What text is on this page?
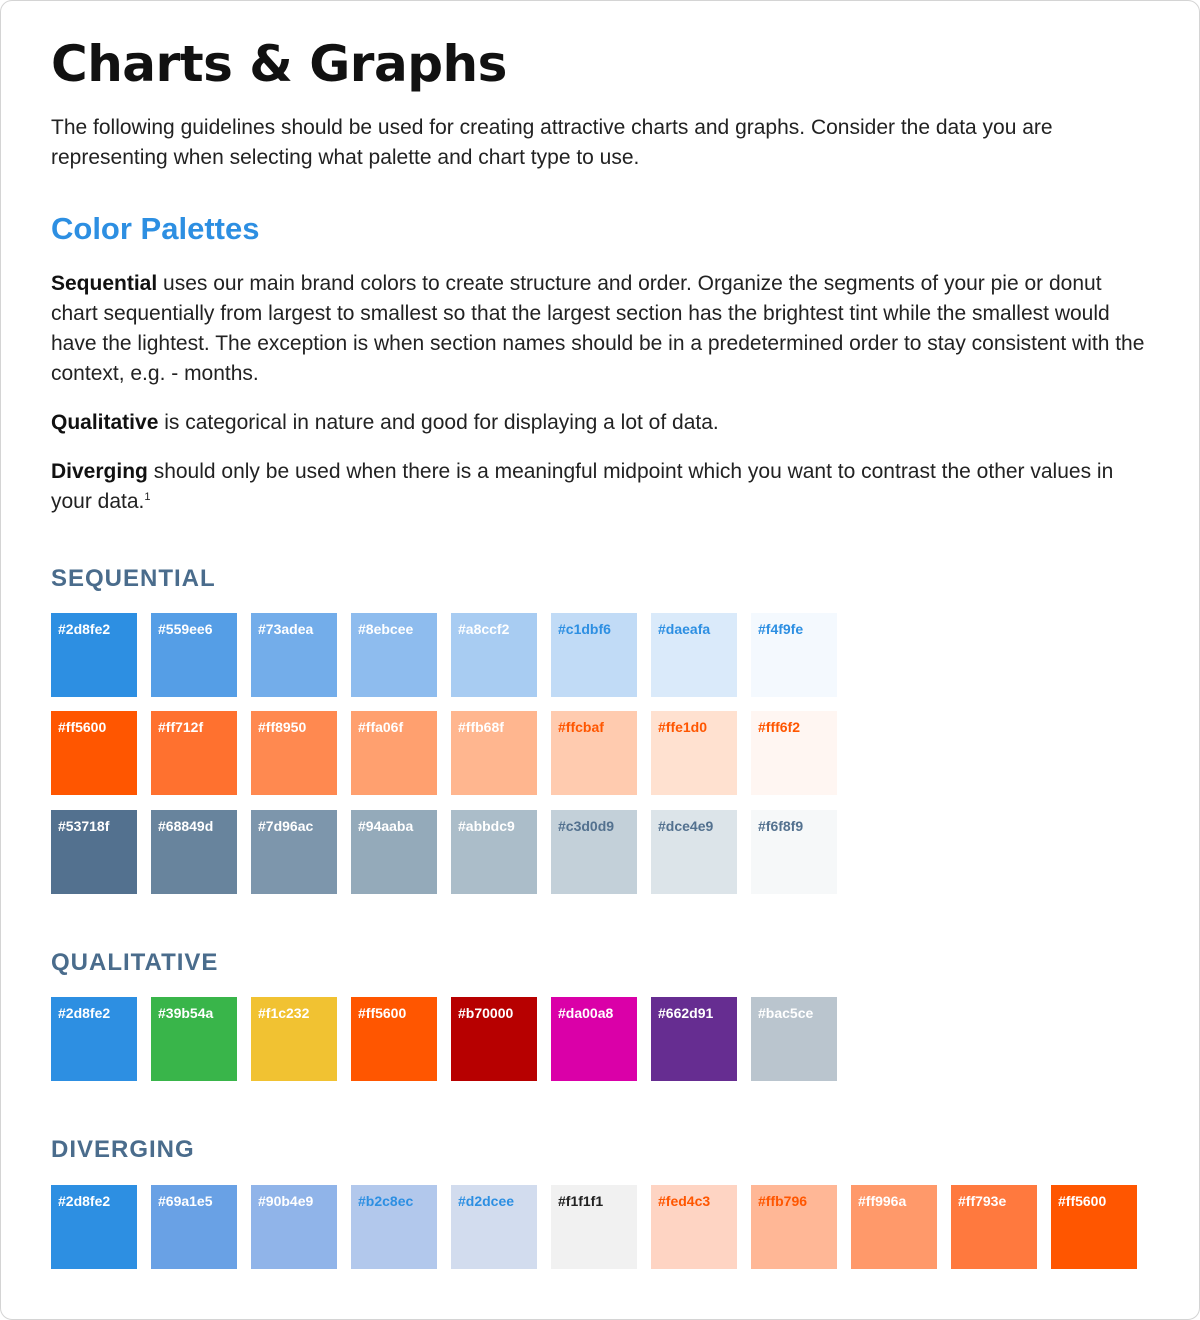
Charts & Graphs

The following guidelines should be used for creating attractive charts and graphs. Consider the data you are representing when selecting what palette and chart type to use.

Color Palettes

Sequential uses our main brand colors to create structure and order. Organize the segments of your pie or donut chart sequentially from largest to smallest so that the largest section has the brightest tint while the smallest would have the lightest. The exception is when section names should be in a predetermined order to stay consistent with the context, e.g. - months.

Qualitative is categorical in nature and good for displaying a lot of data.

Diverging should only be used when there is a meaningful midpoint which you want to contrast the other values in your data.$^1$

SEQUENTIAL
#2d8fe2	#559ee6	#73adea	#8ebcee	#a8ccf2	#c1dbf6	#daeafa	#f4f9fe
#ff5600	#ff712f	#ff8950	#ffa06f	#ffb68f	#ffcbaf	#ffe1d0	#fff6f2
#53718f	#68849d	#7d96ac	#94aaba	#abbdc9	#c3d0d9	#dce4e9	#f6f8f9
QUALITATIVE
#2d8fe2	#39b54a	#f1c232	#ff5600	#b70000	#da00a8	#662d91	#bac5ce
DIVERGING
#2d8fe2	#69a1e5	#90b4e9	#b2c8ec	#d2dcee	#f1f1f1	#fed4c3	#ffb796	#ff996a	#ff793e	#ff5600
